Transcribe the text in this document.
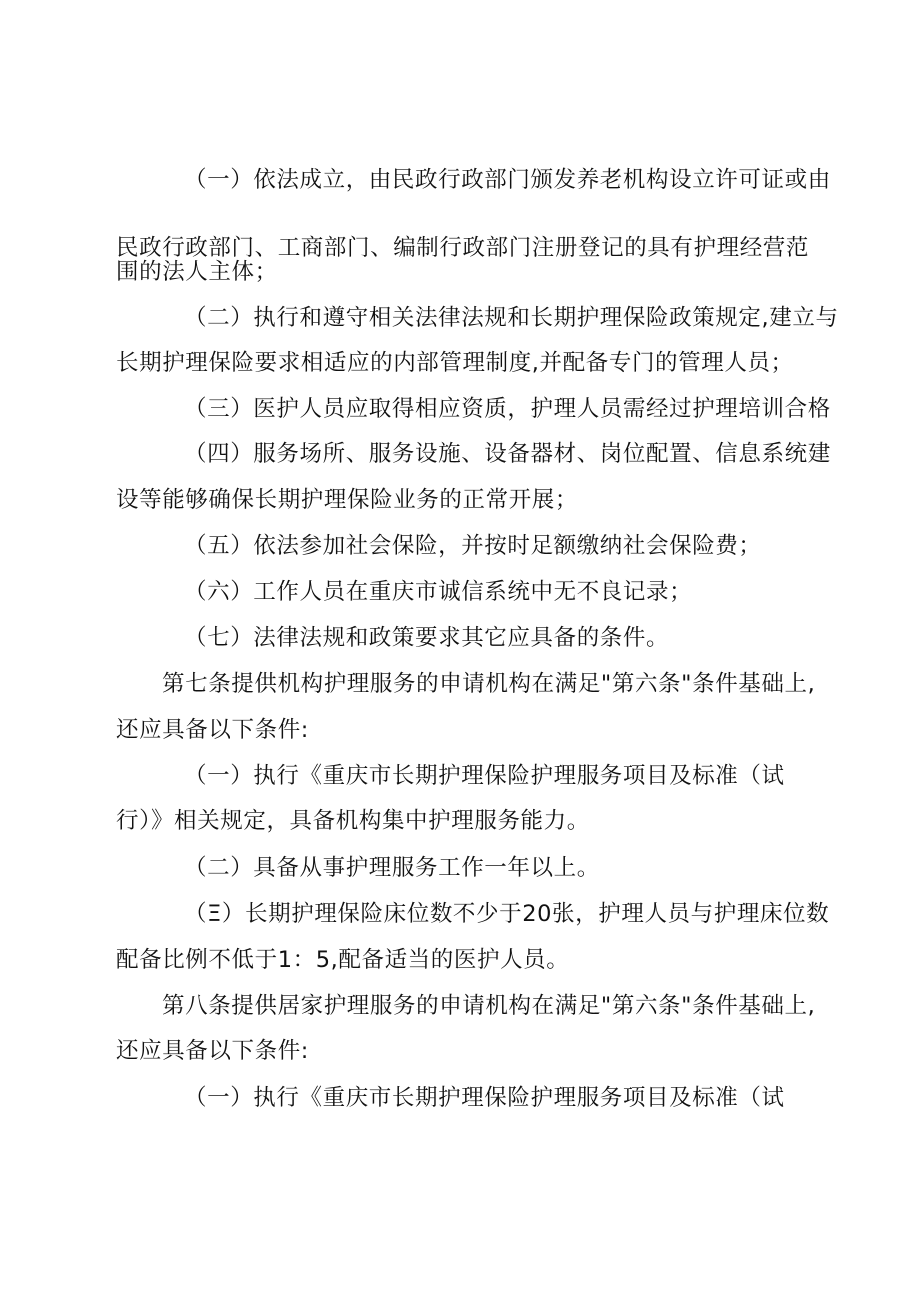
（一）依法成立，由民政行政部门颁发养老机构设立许可证或由
民政行政部门、工商部门、编制行政部门注册登记的具有护理经营范
围的法人主体；
（二）执行和遵守相关法律法规和长期护理保险政策规定,建立与
长期护理保险要求相适应的内部管理制度,并配备专门的管理人员；
（三）医护人员应取得相应资质，护理人员需经过护理培训合格
（四）服务场所、服务设施、设备器材、岗位配置、信息系统建
设等能够确保长期护理保险业务的正常开展；
（五）依法参加社会保险，并按时足额缴纳社会保险费；
（六）工作人员在重庆市诚信系统中无不良记录；
（七）法律法规和政策要求其它应具备的条件。
第七条提供机构护理服务的申请机构在满足"第六条"条件基础上,
还应具备以下条件:
（一）执行《重庆市长期护理保险护理服务项目及标准（试
行）》相关规定，具备机构集中护理服务能力。
（二）具备从事护理服务工作一年以上。
（Ξ）长期护理保险床位数不少于20张，护理人员与护理床位数
配备比例不低于1：5,配备适当的医护人员。
第八条提供居家护理服务的申请机构在满足"第六条"条件基础上,
还应具备以下条件:
（一）执行《重庆市长期护理保险护理服务项目及标准（试
